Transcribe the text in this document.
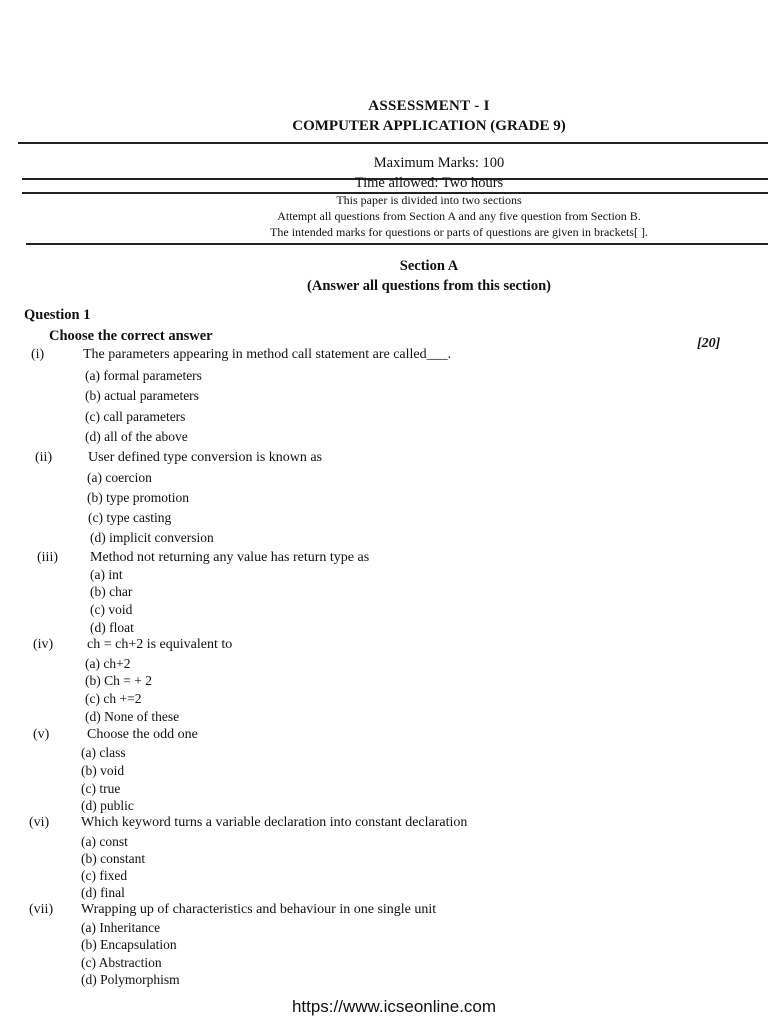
ASSESSMENT - I
COMPUTER APPLICATION (GRADE 9)
Maximum Marks: 100
Time allowed: Two hours
This paper is divided into two sections
Attempt all questions from Section A and any five question from Section B.
The intended marks for questions or parts of questions are given in brackets[ ].
Section A
(Answer all questions from this section)
Question 1
Choose the correct answer	[20]
(i)	The parameters appearing in method call statement are called___.
(a) formal parameters
(b) actual parameters
(c) call parameters
(d) all of the above
(ii)	User defined type conversion is known as
(a) coercion
(b) type promotion
(c) type casting
(d) implicit conversion
(iii) Method not returning any value has return type as
(a) int
(b) char
(c) void
(d) float
(iv) ch = ch+2 is equivalent to
(a) ch+2
(b) Ch = + 2
(c) ch +=2
(d) None of these
(v)	Choose the odd one
(a) class
(b) void
(c) true
(d) public
(vi) Which keyword turns a variable declaration into constant declaration
(a) const
(b) constant
(c) fixed
(d) final
(vii) Wrapping up of characteristics and behaviour in one single unit
(a) Inheritance
(b) Encapsulation
(c) Abstraction
(d) Polymorphism
https://www.icseonline.com
